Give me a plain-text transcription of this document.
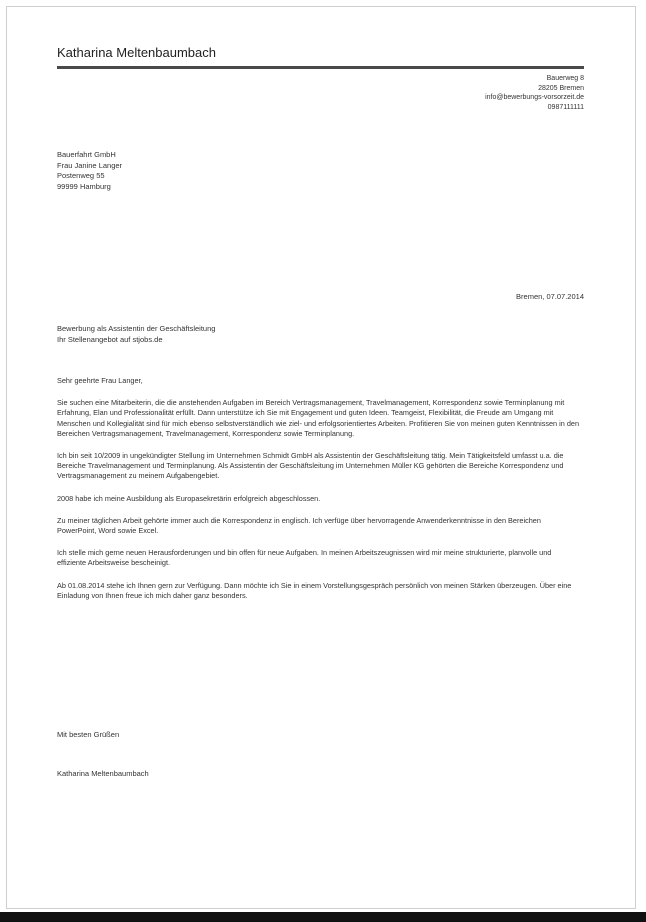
Katharina Meltenbaumbach
Bauerweg 8
28205 Bremen
info@bewerbungs-vorsorzeit.de
0987111111
Bauerfahrt GmbH
Frau Janine Langer
Postenweg 55
99999 Hamburg
Bremen, 07.07.2014
Bewerbung als Assistentin der Geschäftsleitung
Ihr Stellenangebot auf stjobs.de

Sehr geehrte Frau Langer,

Sie suchen eine Mitarbeiterin, die die anstehenden Aufgaben im Bereich Vertragsmanagement, Travelmanagement, Korrespondenz sowie Terminplanung mit Erfahrung, Elan und Professionalität erfüllt. Dann unterstütze ich Sie mit Engagement und guten Ideen. Teamgeist, Flexibilität, die Freude am Umgang mit Menschen und Kollegialität sind für mich ebenso selbstverständlich wie ziel- und erfolgsorientiertes Arbeiten. Profitieren Sie von meinen guten Kenntnissen in den Bereichen Vertragsmanagement, Travelmanagement, Korrespondenz sowie Terminplanung.

Ich bin seit 10/2009 in ungekündigter Stellung im Unternehmen Schmidt GmbH als Assistentin der Geschäftsleitung tätig. Mein Tätigkeitsfeld umfasst u.a. die Bereiche Travelmanagement und Terminplanung. Als Assistentin der Geschäftsleitung im Unternehmen Müller KG gehörten die Bereiche Korrespondenz und Vertragsmanagement zu meinem Aufgabengebiet.

2008 habe ich meine Ausbildung als Europasekretärin erfolgreich abgeschlossen.

Zu meiner täglichen Arbeit gehörte immer auch die Korrespondenz in englisch. Ich verfüge über hervorragende Anwenderkenntnisse in den Bereichen PowerPoint, Word sowie Excel.

Ich stelle mich gerne neuen Herausforderungen und bin offen für neue Aufgaben. In meinen Arbeitszeugnissen wird mir meine strukturierte, planvolle und effiziente Arbeitsweise bescheinigt.

Ab 01.08.2014 stehe ich Ihnen gern zur Verfügung. Dann möchte ich Sie in einem Vorstellungsgespräch persönlich von meinen Stärken überzeugen. Über eine Einladung von Ihnen freue ich mich daher ganz besonders.

Mit besten Grüßen
Katharina Meltenbaumbach
